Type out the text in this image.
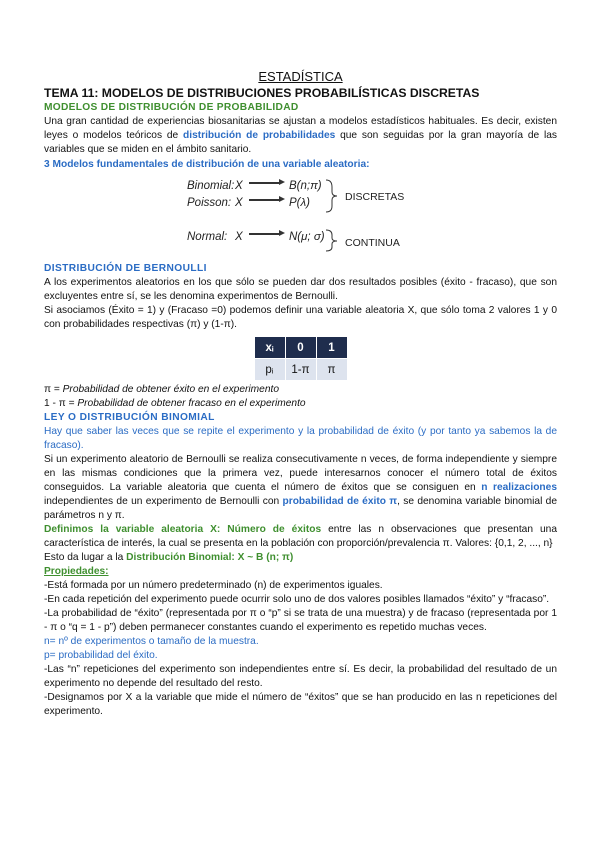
ESTADÍSTICA
TEMA 11: MODELOS DE DISTRIBUCIONES PROBABILÍSTICAS DISCRETAS
MODELOS DE DISTRIBUCIÓN DE PROBABILIDAD

Una gran cantidad de experiencias biosanitarias se ajustan a modelos estadísticos habituales. Es decir, existen leyes o modelos teóricos de distribución de probabilidades que son seguidas por la gran mayoría de las variables que se miden en el ámbito sanitario.

3 Modelos fundamentales de distribución de una variable aleatoria:
Binomial:X	B(n;π)
Poisson: X	P(λ)
Normal: X	N(μ; σ)
DISCRETAS
CONTINUA
DISTRIBUCIÓN DE BERNOULLI

A los experimentos aleatorios en los que sólo se pueden dar dos resultados posibles (éxito - fracaso), que son excluyentes entre sí, se les denomina experimentos de Bernoulli.

Si asociamos (Éxito = 1) y (Fracaso =0) podemos definir una variable aleatoria X, que sólo toma 2 valores 1 y 0 con probabilidades respectivas (π) y (1-π).

xᵢ	0	1
pᵢ	1-π	π
π = Probabilidad de obtener éxito en el experimento
1 - π = Probabilidad de obtener fracaso en el experimento
LEY O DISTRIBUCIÓN BINOMIAL

Hay que saber las veces que se repite el experimento y la probabilidad de éxito (y por tanto ya sabemos la de fracaso).

Si un experimento aleatorio de Bernoulli se realiza consecutivamente n veces, de forma independiente y siempre en las mismas condiciones que la primera vez, puede interesarnos conocer el número total de éxitos conseguidos. La variable aleatoria que cuenta el número de éxitos que se consiguen en n realizaciones independientes de un experimento de Bernoulli con probabilidad de éxito π, se denomina variable binomial de parámetros n y π.

Definimos la variable aleatoria X: Número de éxitos entre las n observaciones que presentan una característica de interés, la cual se presenta en la población con proporción/prevalencia π. Valores: {0,1, 2, ..., n}

Esto da lugar a la Distribución Binomial: X ~ B (n; π)
Propiedades:

-Está formada por un número predeterminado (n) de experimentos iguales.

-En cada repetición del experimento puede ocurrir solo uno de dos valores posibles llamados “éxito” y “fracaso”.

-La probabilidad de “éxito” (representada por π o “p” si se trata de una muestra) y de fracaso (representada por 1 - π o “q = 1 - p”) deben permanecer constantes cuando el experimento es repetido muchas veces.

n= nº de experimentos o tamaño de la muestra.
p= probabilidad del éxito.

-Las “n” repeticiones del experimento son independientes entre sí. Es decir, la probabilidad del resultado de un experimento no depende del resultado del resto.

-Designamos por X a la variable que mide el número de “éxitos” que se han producido en las n repeticiones del experimento.
